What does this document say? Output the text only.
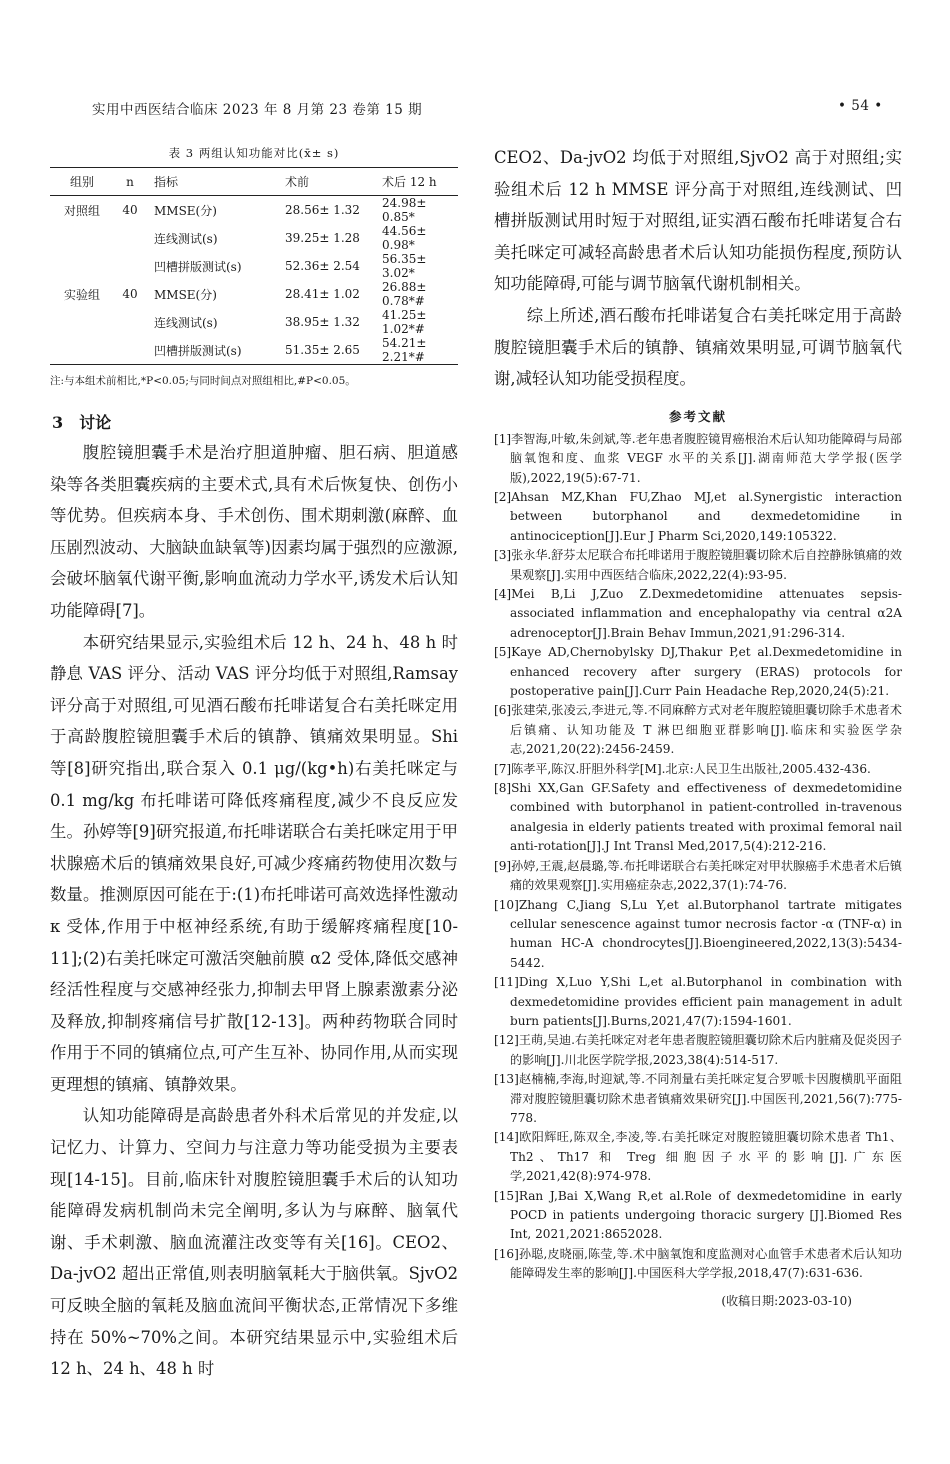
实用中西医结合临床 2023 年 8 月第 23 卷第 15 期	• 54 •
表 3 两组认知功能对比(x̄± s)
组别	n	指标	术前	术后 12 h
对照组	40	MMSE(分)	28.56± 1.32	24.98± 0.85*
		连线测试(s)	39.25± 1.28	44.56± 0.98*
		凹槽拼版测试(s)	52.36± 2.54	56.35± 3.02*
实验组	40	MMSE(分)	28.41± 1.02	26.88± 0.78*#
		连线测试(s)	38.95± 1.32	41.25± 1.02*#
		凹槽拼版测试(s)	51.35± 2.65	54.21± 2.21*#
注:与本组术前相比,*P<0.05;与同时间点对照组相比,#P<0.05。
3 讨论

腹腔镜胆囊手术是治疗胆道肿瘤、胆石病、胆道感染等各类胆囊疾病的主要术式,具有术后恢复快、创伤小等优势。但疾病本身、手术创伤、围术期刺激(麻醉、血压剧烈波动、大脑缺血缺氧等)因素均属于强烈的应激源,会破坏脑氧代谢平衡,影响血流动力学水平,诱发术后认知功能障碍[7]。

本研究结果显示,实验组术后 12 h、24 h、48 h 时静息 VAS 评分、活动 VAS 评分均低于对照组,Ramsay 评分高于对照组,可见酒石酸布托啡诺复合右美托咪定用于高龄腹腔镜胆囊手术后的镇静、镇痛效果明显。Shi 等[8]研究指出,联合泵入 0.1 μg/(kg•h)右美托咪定与 0.1 mg/kg 布托啡诺可降低疼痛程度,减少不良反应发生。孙婷等[9]研究报道,布托啡诺联合右美托咪定用于甲状腺癌术后的镇痛效果良好,可减少疼痛药物使用次数与数量。推测原因可能在于:(1)布托啡诺可高效选择性激动 κ 受体,作用于中枢神经系统,有助于缓解疼痛程度[10-11];(2)右美托咪定可激活突触前膜 α2 受体,降低交感神经活性程度与交感神经张力,抑制去甲肾上腺素激素分泌及释放,抑制疼痛信号扩散[12-13]。两种药物联合同时作用于不同的镇痛位点,可产生互补、协同作用,从而实现更理想的镇痛、镇静效果。

认知功能障碍是高龄患者外科术后常见的并发症,以记忆力、计算力、空间力与注意力等功能受损为主要表现[14-15]。目前,临床针对腹腔镜胆囊手术后的认知功能障碍发病机制尚未完全阐明,多认为与麻醉、脑氧代谢、手术刺激、脑血流灌注改变等有关[16]。CEO2、Da-jvO2 超出正常值,则表明脑氧耗大于脑供氧。SjvO2 可反映全脑的氧耗及脑血流间平衡状态,正常情况下多维持在 50%~70%之间。本研究结果显示中,实验组术后 12 h、24 h、48 h 时

CEO2、Da-jvO2 均低于对照组,SjvO2 高于对照组;实验组术后 12 h MMSE 评分高于对照组,连线测试、凹槽拼版测试用时短于对照组,证实酒石酸布托啡诺复合右美托咪定可减轻高龄患者术后认知功能损伤程度,预防认知功能障碍,可能与调节脑氧代谢机制相关。

综上所述,酒石酸布托啡诺复合右美托咪定用于高龄腹腔镜胆囊手术后的镇静、镇痛效果明显,可调节脑氧代谢,减轻认知功能受损程度。

参考文献
[1]李智海,叶敏,朱剑斌,等.老年患者腹腔镜胃癌根治术后认知功能障碍与局部脑氧饱和度、血浆 VEGF 水平的关系[J].湖南师范大学学报(医学版),2022,19(5):67-71.
[2]Ahsan MZ,Khan FU,Zhao MJ,et al.Synergistic interaction between butorphanol and dexmedetomidine in antinociception[J].Eur J Pharm Sci,2020,149:105322.
[3]张永华.舒芬太尼联合布托啡诺用于腹腔镜胆囊切除术后自控静脉镇痛的效果观察[J].实用中西医结合临床,2022,22(4):93-95.
[4]Mei B,Li J,Zuo Z.Dexmedetomidine attenuates sepsis-associated inflammation and encephalopathy via central α2A adrenoceptor[J].Brain Behav Immun,2021,91:296-314.
[5]Kaye AD,Chernobylsky DJ,Thakur P,et al.Dexmedetomidine in enhanced recovery after surgery (ERAS) protocols for postoperative pain[J].Curr Pain Headache Rep,2020,24(5):21.
[6]张建荣,张凌云,李进元,等.不同麻醉方式对老年腹腔镜胆囊切除手术患者术后镇痛、认知功能及 T 淋巴细胞亚群影响[J].临床和实验医学杂志,2021,20(22):2456-2459.
[7]陈孝平,陈汉.肝胆外科学[M].北京:人民卫生出版社,2005.432-436.
[8]Shi XX,Gan GF.Safety and effectiveness of dexmedetomidine combined with butorphanol in patient-controlled in-travenous analgesia in elderly patients treated with proximal femoral nail anti-rotation[J].J Int Transl Med,2017,5(4):212-216.
[9]孙婷,王震,赵晨璐,等.布托啡诺联合右美托咪定对甲状腺癌手术患者术后镇痛的效果观察[J].实用癌症杂志,2022,37(1):74-76.
[10]Zhang C,Jiang S,Lu Y,et al.Butorphanol tartrate mitigates cellular senescence against tumor necrosis factor -α (TNF-α) in human HC-A chondrocytes[J].Bioengineered,2022,13(3):5434-5442.
[11]Ding X,Luo Y,Shi L,et al.Butorphanol in combination with dexmedetomidine provides efficient pain management in adult burn patients[J].Burns,2021,47(7):1594-1601.
[12]王萌,吴迪.右美托咪定对老年患者腹腔镜胆囊切除术后内脏痛及促炎因子的影响[J].川北医学院学报,2023,38(4):514-517.
[13]赵楠楠,李海,时迎斌,等.不同剂量右美托咪定复合罗哌卡因腹横肌平面阻滞对腹腔镜胆囊切除术患者镇痛效果研究[J].中国医刊,2021,56(7):775-778.
[14]欧阳辉旺,陈双全,李凌,等.右美托咪定对腹腔镜胆囊切除术患者 Th1、Th2、Th17 和 Treg 细胞因子水平的影响[J].广东医学,2021,42(8):974-978.
[15]Ran J,Bai X,Wang R,et al.Role of dexmedetomidine in early POCD in patients undergoing thoracic surgery [J].Biomed Res Int, 2021,2021:8652028.
[16]孙聪,皮晓丽,陈莹,等.术中脑氧饱和度监测对心血管手术患者术后认知功能障碍发生率的影响[J].中国医科大学学报,2018,47(7):631-636.
(收稿日期:2023-03-10)
